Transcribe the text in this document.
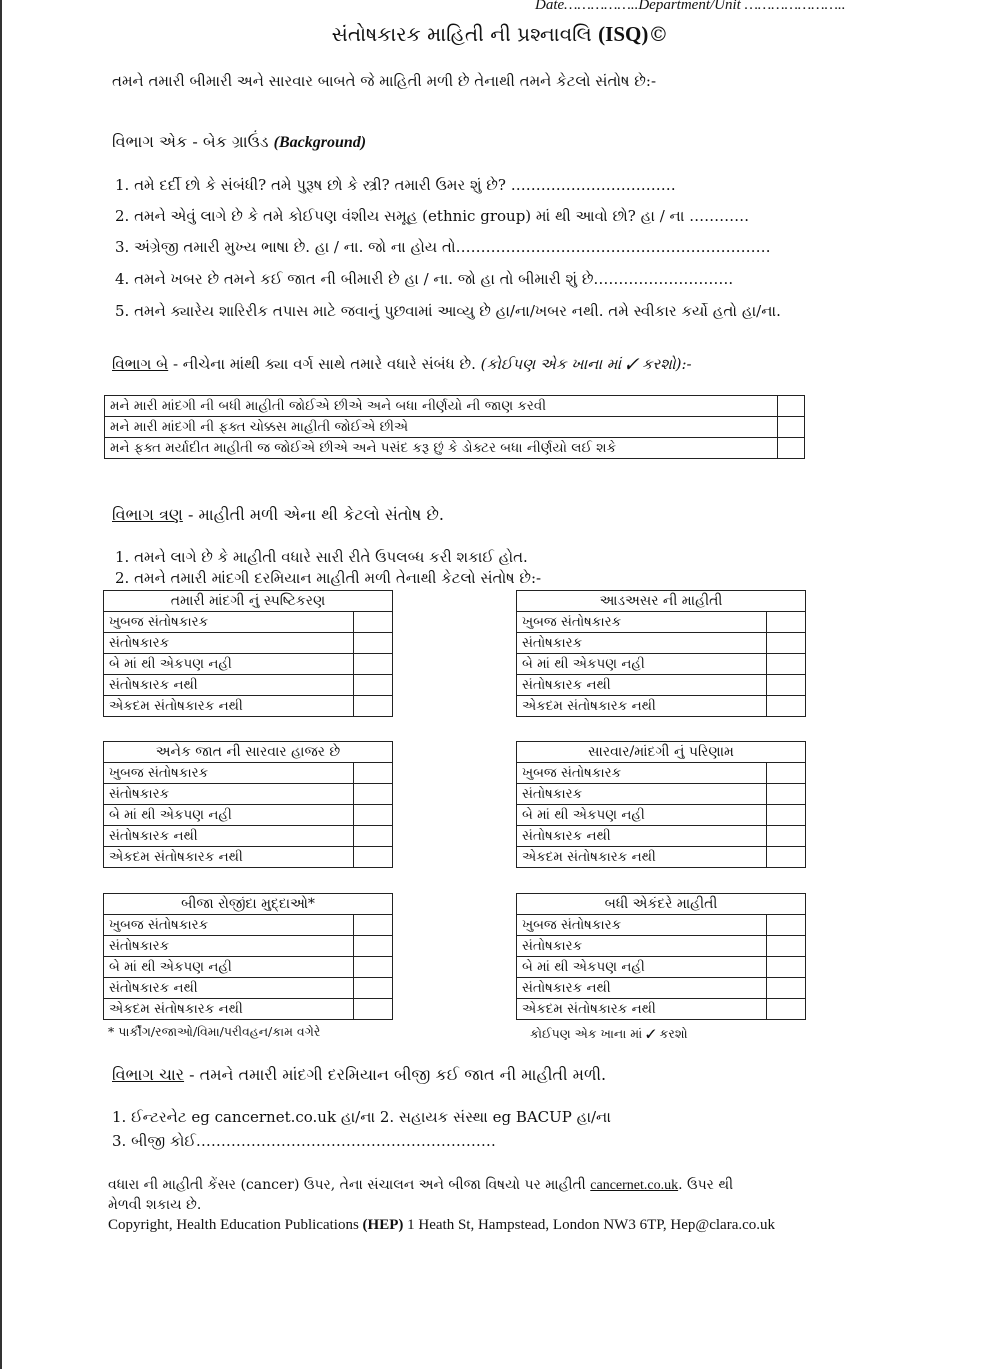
Date……………..Department/Unit …………………..
સંતોષકારક માહિતી ની પ્રશ્નાવલિ (ISQ)©
તમને તમારી બીમારી અને સારવાર બાબતે જે માહિતી મળી છે તેનાથી તમને કેટલો સંતોષ છે:-
વિભાગ એક - બેક ગ્રાઉંડ (Background)
1. તમે દર્દી છો કે સંબંધી? તમે પુરૂષ છો કે સ્ત્રી? તમારી ઉમર શું છે? ……………………………
2. તમને એવું લાગે છે કે તમે કોઈપણ વંશીય સમૂહ (ethnic group) માં થી આવો છો? હા / ના …………
3. અંગ્રેજી તમારી મુખ્ય ભાષા છે. હા / ના. જો ના હોય તો………………………………………………………
4. તમને ખબર છે તમને કઈ જાત ની બીમારી છે હા / ના. જો હા તો બીમારી શું છે……………………….
5. તમને ક્યારેય શારિરીક તપાસ માટે જવાનું પુછવામાં આવ્યુ છે હા/ના/ખબર નથી. તમે સ્વીકાર કર્યો હતો હા/ના.
વિભાગ બે - નીચેના માંથી ક્યા વર્ગ સાથે તમારે વધારે સંબંધ છે. (કોઈપણ એક ખાના માં ✓ કરશો):-
મને મારી માંદગી ની બધી માહીતી જોઈએ છીએ અને બધા નીર્ણયો ની જાણ કરવી	
મને મારી માંદગી ની ફક્ત ચોક્કસ માહીતી જોઈએ છીએ	
મને ફક્ત મર્યાદીત માહીતી જ જોઈએ છીએ અને પસંદ કરૂ છું કે ડોક્ટર બધા નીર્ણયો લઈ શકે	
વિભાગ ત્રણ - માહીતી મળી એના થી કેટલો સંતોષ છે.
1. તમને લાગે છે કે માહીતી વધારે સારી રીતે ઉપલબ્ધ કરી શકાઈ હોત.
2. તમને તમારી માંદગી દરમિયાન માહીતી મળી તેનાથી કેટલો સંતોષ છે:-
તમારી માંદગી નું સ્પષ્ટિકરણ	
ખુબજ સંતોષકારક	
સંતોષકારક	
બે માં થી એકપણ નહી	
સંતોષકારક નથી	
એકદમ સંતોષકારક નથી	
આડઅસર ની માહીતી	
ખુબજ સંતોષકારક	
સંતોષકારક	
બે માં થી એકપણ નહી	
સંતોષકારક નથી	
એકદમ સંતોષકારક નથી	
અનેક જાત ની સારવાર હાજર છે	
ખુબજ સંતોષકારક	
સંતોષકારક	
બે માં થી એકપણ નહી	
સંતોષકારક નથી	
એકદમ સંતોષકારક નથી	
સારવાર/માંદગી નું પરિણામ	
ખુબજ સંતોષકારક	
સંતોષકારક	
બે માં થી એકપણ નહી	
સંતોષકારક નથી	
એકદમ સંતોષકારક નથી	
બીજા રોજીંદા મુદ્દાઓ*	
ખુબજ સંતોષકારક	
સંતોષકારક	
બે માં થી એકપણ નહી	
સંતોષકારક નથી	
એકદમ સંતોષકારક નથી	
બધી એકંદરે માહીતી	
ખુબજ સંતોષકારક	
સંતોષકારક	
બે માં થી એકપણ નહી	
સંતોષકારક નથી	
એકદમ સંતોષકારક નથી	
* પાર્કીંગ/રજાઓ/વિમા/પરીવહન/કામ વગેરે	કોઈપણ એક ખાના માં ✓ કરશો
વિભાગ ચાર - તમને તમારી માંદગી દરમિયાન બીજી કઈ જાત ની માહીતી મળી.
1. ઈન્ટરનેટ eg cancernet.co.uk હા/ના 2. સહાયક સંસ્થા eg BACUP હા/ના
3. બીજી કોઈ……………………………………………………
વધારા ની માહીતી કેંસર (cancer) ઉપર, તેના સંચાલન અને બીજા વિષયો પર માહીતી cancernet.co.uk. ઉપર થી
મેળવી શકાય છે.
Copyright, Health Education Publications (HEP) 1 Heath St, Hampstead, London NW3 6TP, Hep@clara.co.uk
